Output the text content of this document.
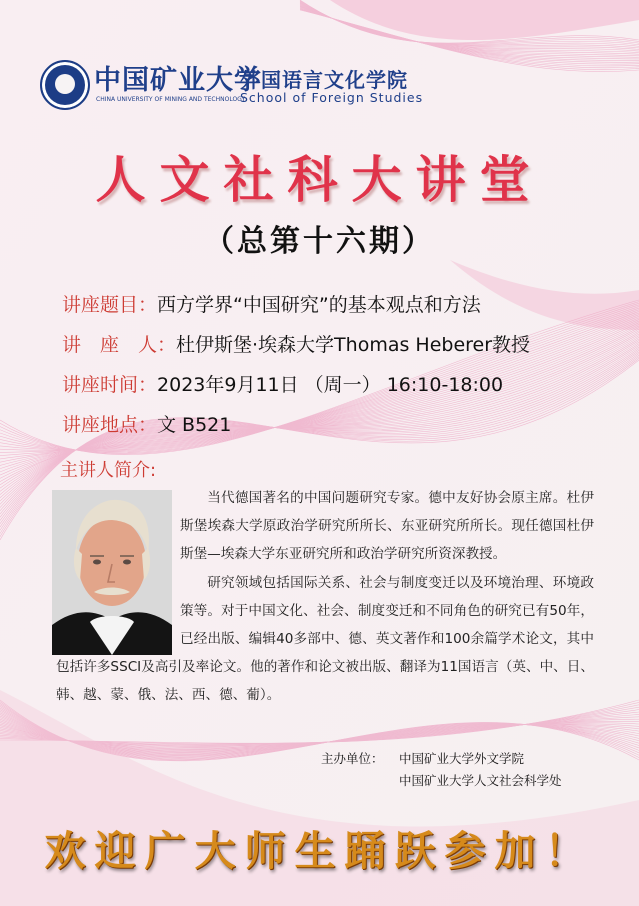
中国矿业大学
CHINA UNIVERSITY OF MINING AND TECHNOLOGY
外国语言文化学院
School of Foreign Studies
人文社科大讲堂
（总第十六期）
讲座题目：西方学界“中国研究”的基本观点和方法
讲　座　人：杜伊斯堡·埃森大学Thomas Heberer教授
讲座时间：2023年9月11日 （周一） 16:10-18:00
讲座地点：文 B521
主讲人简介:

当代德国著名的中国问题研究专家。德中友好协会原主席。杜伊斯堡埃森大学原政治学研究所所长、东亚研究所所长。现任德国杜伊斯堡—埃森大学东亚研究所和政治学研究所资深教授。

研究领域包括国际关系、社会与制度变迁以及环境治理、环境政策等。对于中国文化、社会、制度变迁和不同角色的研究已有50年，已经出版、编辑40多部中、德、英文著作和100余篇学术论文，其中包括许多SSCI及高引及率论文。他的著作和论文被出版、翻译为11国语言（英、中、日、韩、越、蒙、俄、法、西、德、葡）。

主办单位： 中国矿业大学外文学院
中国矿业大学人文社会科学处
欢迎广大师生踊跃参加！
